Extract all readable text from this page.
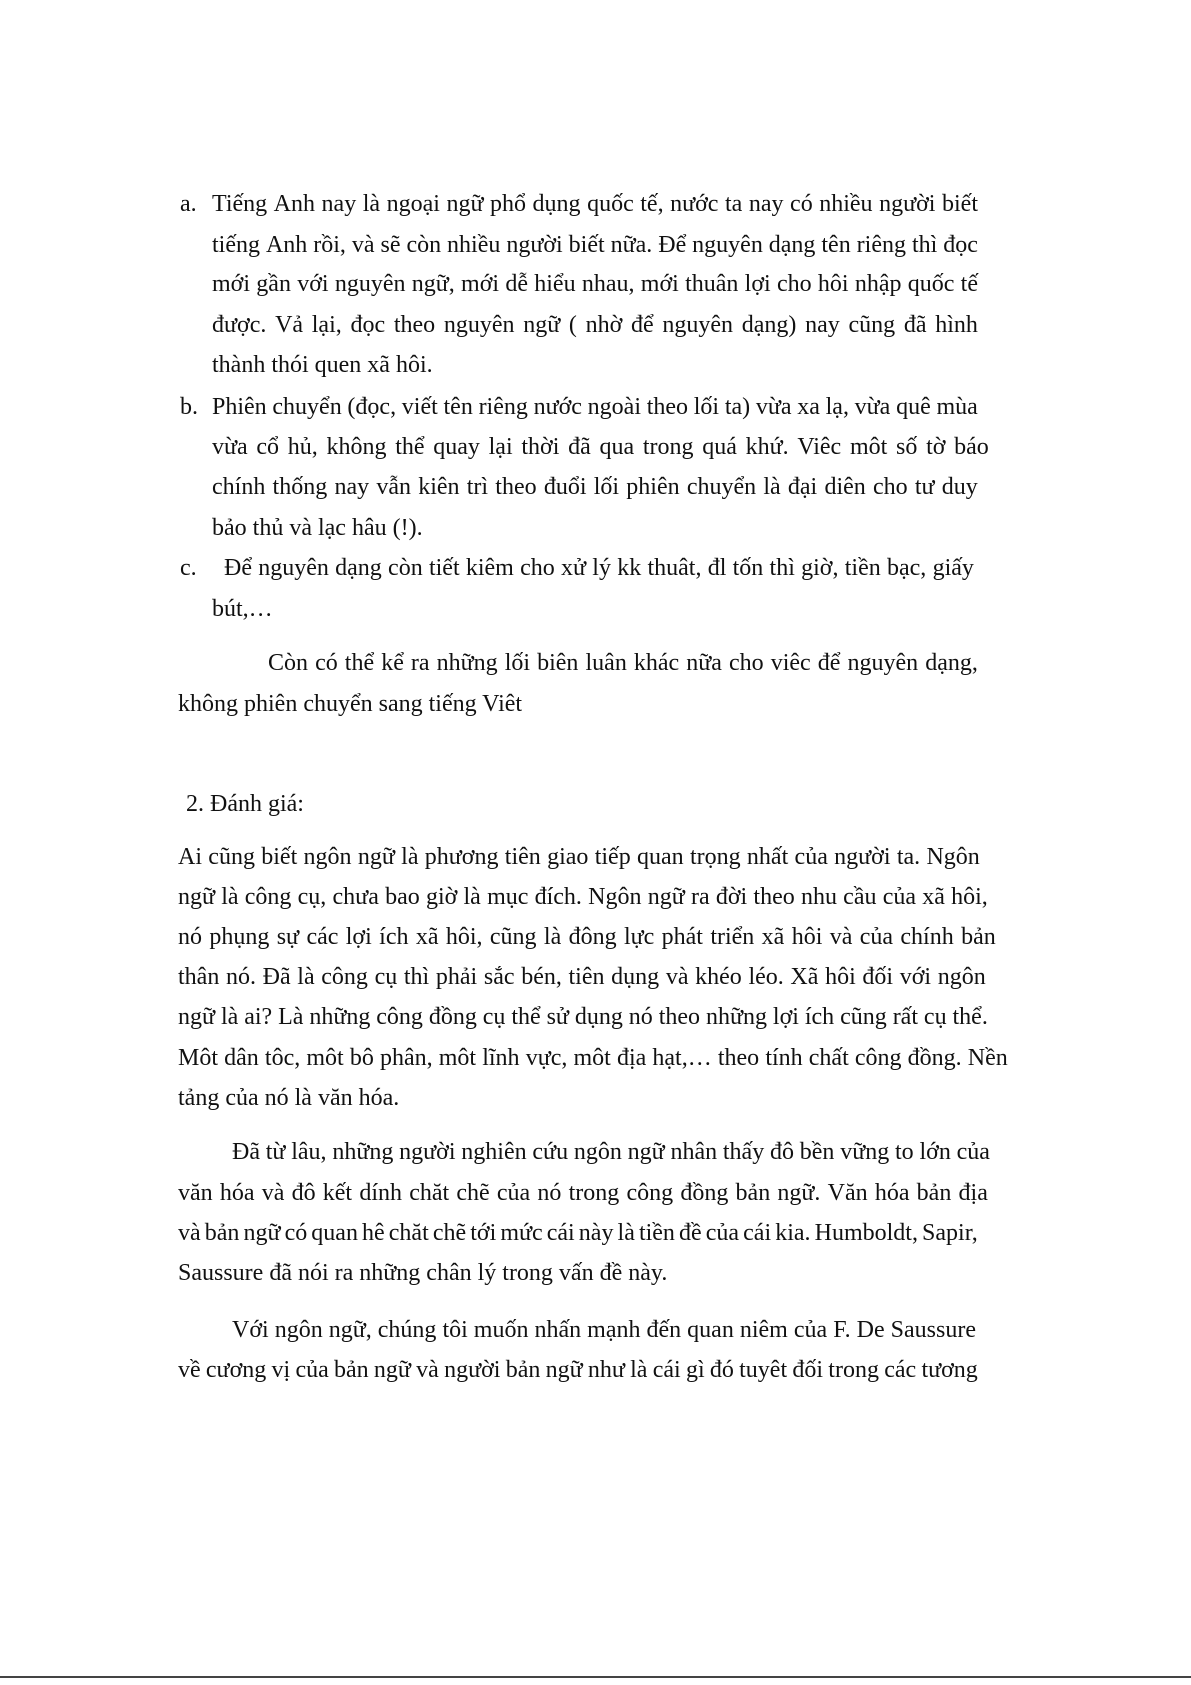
a. Tiếng Anh nay là ngoại ngữ phổ dụng quốc tế, nước ta nay có nhiều người biết
tiếng Anh rồi, và sẽ còn nhiều người biết nữa. Để nguyên dạng tên riêng thì đọc
mới gần với nguyên ngữ, mới dễ hiểu nhau, mới thuân lợi cho hôi nhập quốc tế
được. Vả lại, đọc theo nguyên ngữ ( nhờ để nguyên dạng) nay cũng đã hình
thành thói quen xã hôi.
b. Phiên chuyển (đọc, viết tên riêng nước ngoài theo lối ta) vừa xa lạ, vừa quê mùa
vừa cổ hủ, không thể quay lại thời đã qua trong quá khứ. Viêc môt số tờ báo
chính thống nay vẫn kiên trì theo đuổi lối phiên chuyển là đại diên cho tư duy
bảo thủ và lạc hâu (!).
c. Để nguyên dạng còn tiết kiêm cho xử lý kk thuât, đl tốn thì giờ, tiền bạc, giấy
bút,…
Còn có thể kể ra những lối biên luân khác nữa cho viêc để nguyên dạng,
không phiên chuyển sang tiếng Viêt
2. Đánh giá:
Ai cũng biết ngôn ngữ là phương tiên giao tiếp quan trọng nhất của người ta. Ngôn
ngữ là công cụ, chưa bao giờ là mục đích. Ngôn ngữ ra đời theo nhu cầu của xã hôi,
nó phụng sự các lợi ích xã hôi, cũng là đông lực phát triển xã hôi và của chính bản
thân nó. Đã là công cụ thì phải sắc bén, tiên dụng và khéo léo. Xã hôi đối với ngôn
ngữ là ai? Là những công đồng cụ thể sử dụng nó theo những lợi ích cũng rất cụ thể.
Môt dân tôc, môt bô phân, môt lĩnh vực, môt địa hạt,… theo tính chất công đồng. Nền
tảng của nó là văn hóa.
Đã từ lâu, những người nghiên cứu ngôn ngữ nhân thấy đô bền vững to lớn của
văn hóa và đô kết dính chăt chẽ của nó trong công đồng bản ngữ. Văn hóa bản địa
và bản ngữ có quan hê chăt chẽ tới mức cái này là tiền đề của cái kia. Humboldt, Sapir,
Saussure đã nói ra những chân lý trong vấn đề này.
Với ngôn ngữ, chúng tôi muốn nhấn mạnh đến quan niêm của F. De Saussure
về cương vị của bản ngữ và người bản ngữ như là cái gì đó tuyêt đối trong các tương
